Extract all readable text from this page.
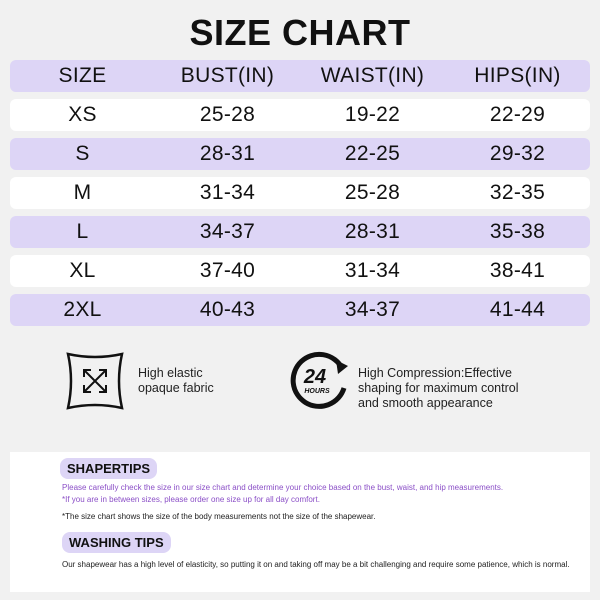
SIZE CHART
SIZE	BUST(IN)	WAIST(IN)	HIPS(IN)
XS	25-28	19-22	22-29
S	28-31	22-25	29-32
M	31-34	25-28	32-35
L	34-37	28-31	35-38
XL	37-40	31-34	38-41
2XL	40-43	34-37	41-44
High elastic
opaque fabric	24
HOURS
High Compression:Effective
shaping for maximum control
and smooth appearance
SHAPERTIPS
Please carefully check the size in our size chart and determine your choice based on the bust, waist, and hip measurements.
*If you are in between sizes, please order one size up for all day comfort.
*The size chart shows the size of the body measurements not the size of the shapewear.
WASHING TIPS
Our shapewear has a high level of elasticity, so putting it on and taking off may be a bit challenging and require some patience, which is normal.
